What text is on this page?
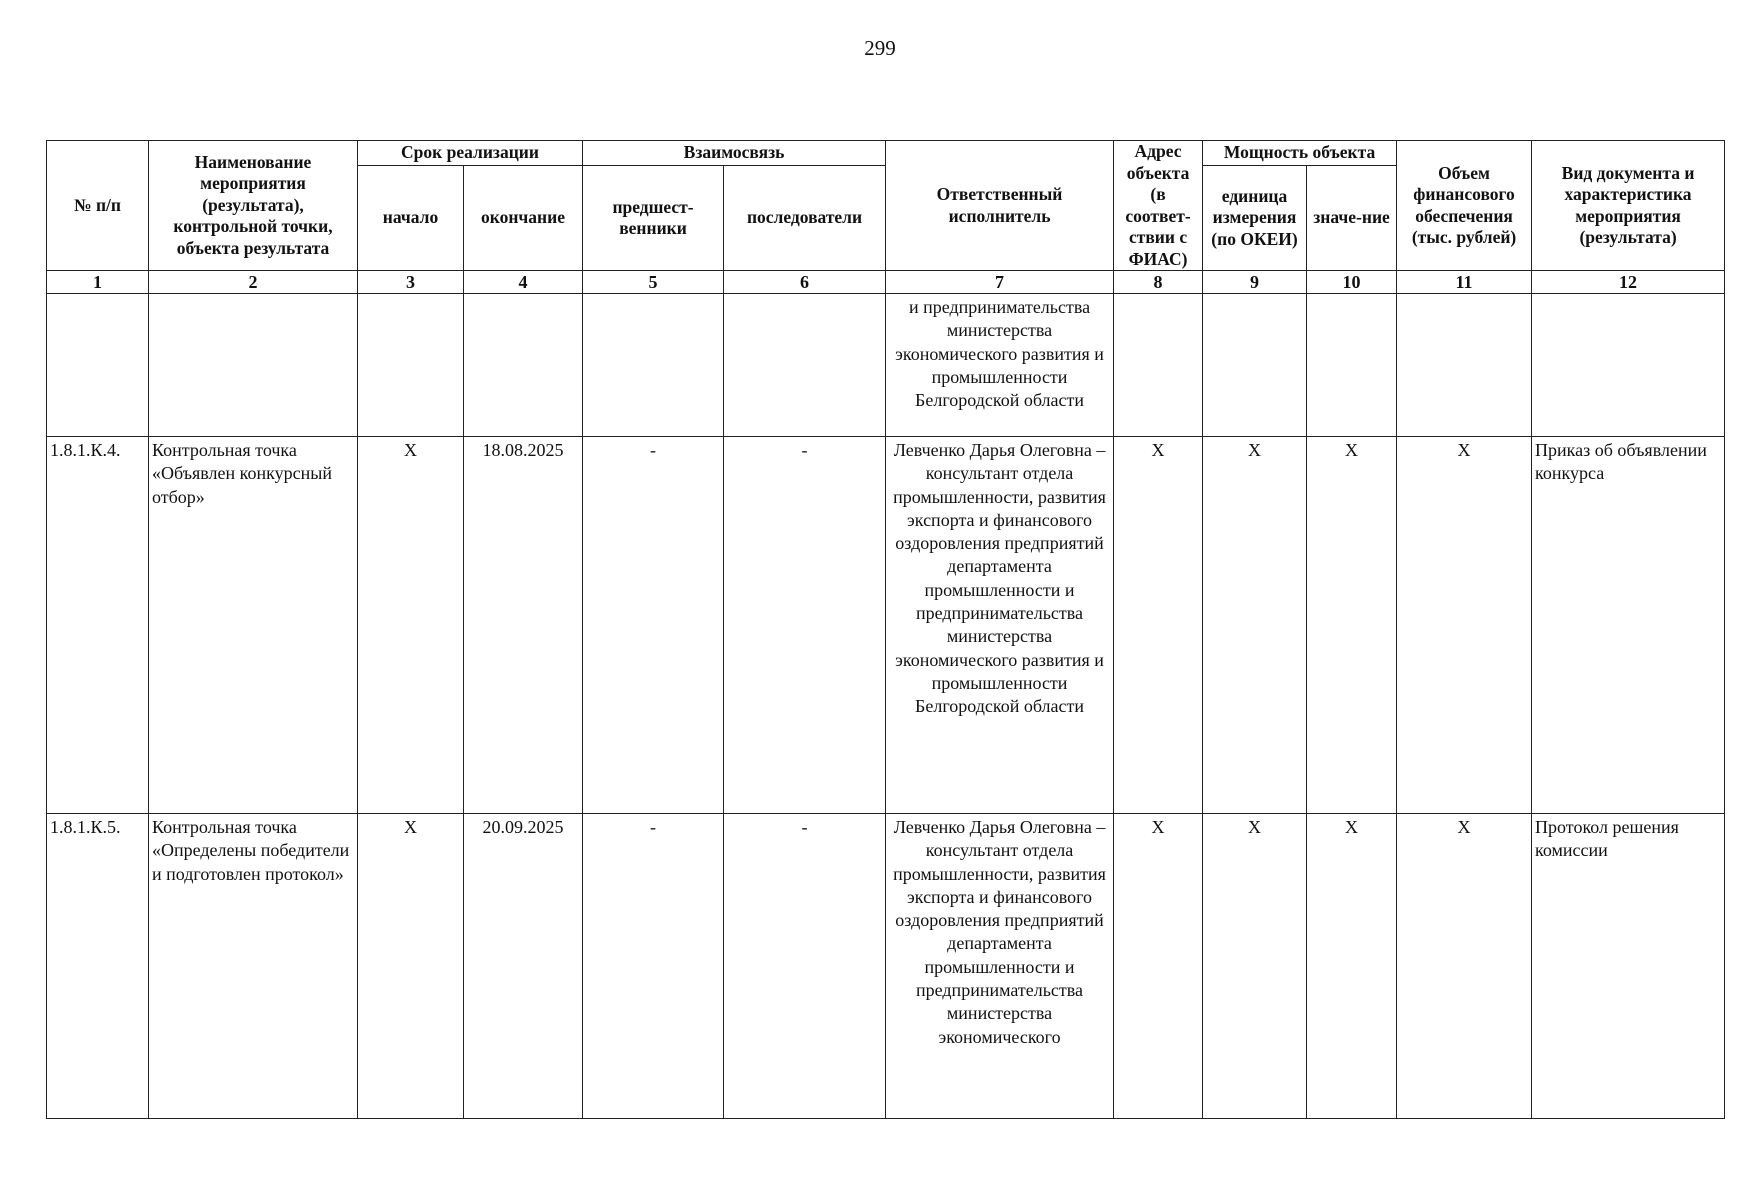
299
№ п/п	Наименование мероприятия (результата), контрольной точки, объекта результата	Срок реализации		Взаимосвязь		Ответственный исполнитель	Адрес объекта (в соответ-ствии с ФИАС)	Мощность объекта		Объем финансового обеспечения (тыс. рублей)	Вид документа и характеристика мероприятия (результата)
		начало	окончание	предшест-венники	последователи			единица измерения (по ОКЕИ)	значе-ние		
1	2	3	4	5	6	7	8	9	10	11	12
						и предпринимательства министерства экономического развития и промышленности Белгородской области					
1.8.1.К.4.	Контрольная точка «Объявлен конкурсный отбор»	X	18.08.2025	-	-	Левченко Дарья Олеговна – консультант отдела промышленности, развития экспорта и финансового оздоровления предприятий департамента промышленности и предпринимательства министерства экономического развития и промышленности Белгородской области	X	X	X	X	Приказ об объявлении конкурса
1.8.1.К.5.	Контрольная точка «Определены победители и подготовлен протокол»	X	20.09.2025	-	-	Левченко Дарья Олеговна – консультант отдела промышленности, развития экспорта и финансового оздоровления предприятий департамента промышленности и предпринимательства министерства экономического	X	X	X	X	Протокол решения комиссии
